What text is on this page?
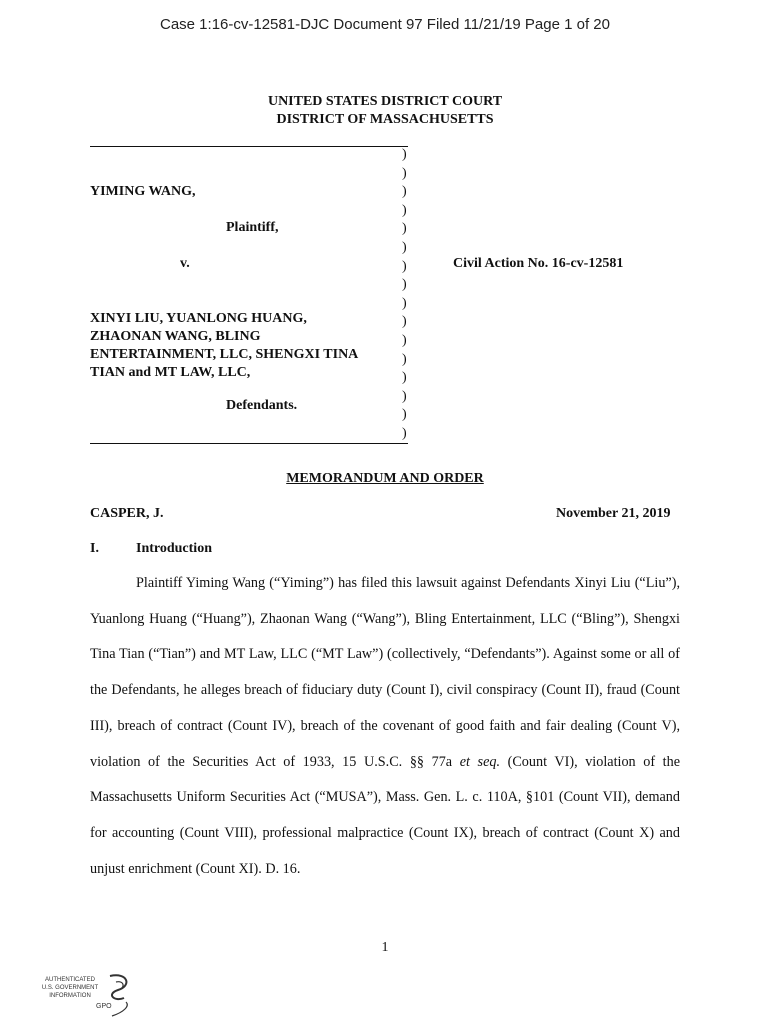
Case 1:16-cv-12581-DJC Document 97 Filed 11/21/19 Page 1 of 20
UNITED STATES DISTRICT COURT
DISTRICT OF MASSACHUSETTS
)
)
)
)
)
)
)
)
)
)
)
)
)
)
)
)
YIMING WANG,
Plaintiff,
v.	Civil Action No. 16-cv-12581
XINYI LIU, YUANLONG HUANG,
ZHAONAN WANG, BLING
ENTERTAINMENT, LLC, SHENGXI TINA
TIAN and MT LAW, LLC,
Defendants.
MEMORANDUM AND ORDER
CASPER, J.	November 21, 2019
I.	Introduction

Plaintiff Yiming Wang (“Yiming”) has filed this lawsuit against Defendants Xinyi Liu (“Liu”), Yuanlong Huang (“Huang”), Zhaonan Wang (“Wang”), Bling Entertainment, LLC (“Bling”), Shengxi Tina Tian (“Tian”) and MT Law, LLC (“MT Law”) (collectively, “Defendants”). Against some or all of the Defendants, he alleges breach of fiduciary duty (Count I), civil conspiracy (Count II), fraud (Count III), breach of contract (Count IV), breach of the covenant of good faith and fair dealing (Count V), violation of the Securities Act of 1933, 15 U.S.C. §§ 77a et seq. (Count VI), violation of the Massachusetts Uniform Securities Act (“MUSA”), Mass. Gen. L. c. 110A, §101 (Count VII), demand for accounting (Count VIII), professional malpractice (Count IX), breach of contract (Count X) and unjust enrichment (Count XI). D. 16.

1
AUTHENTICATED
U.S. GOVERNMENT
INFORMATION
GPO
